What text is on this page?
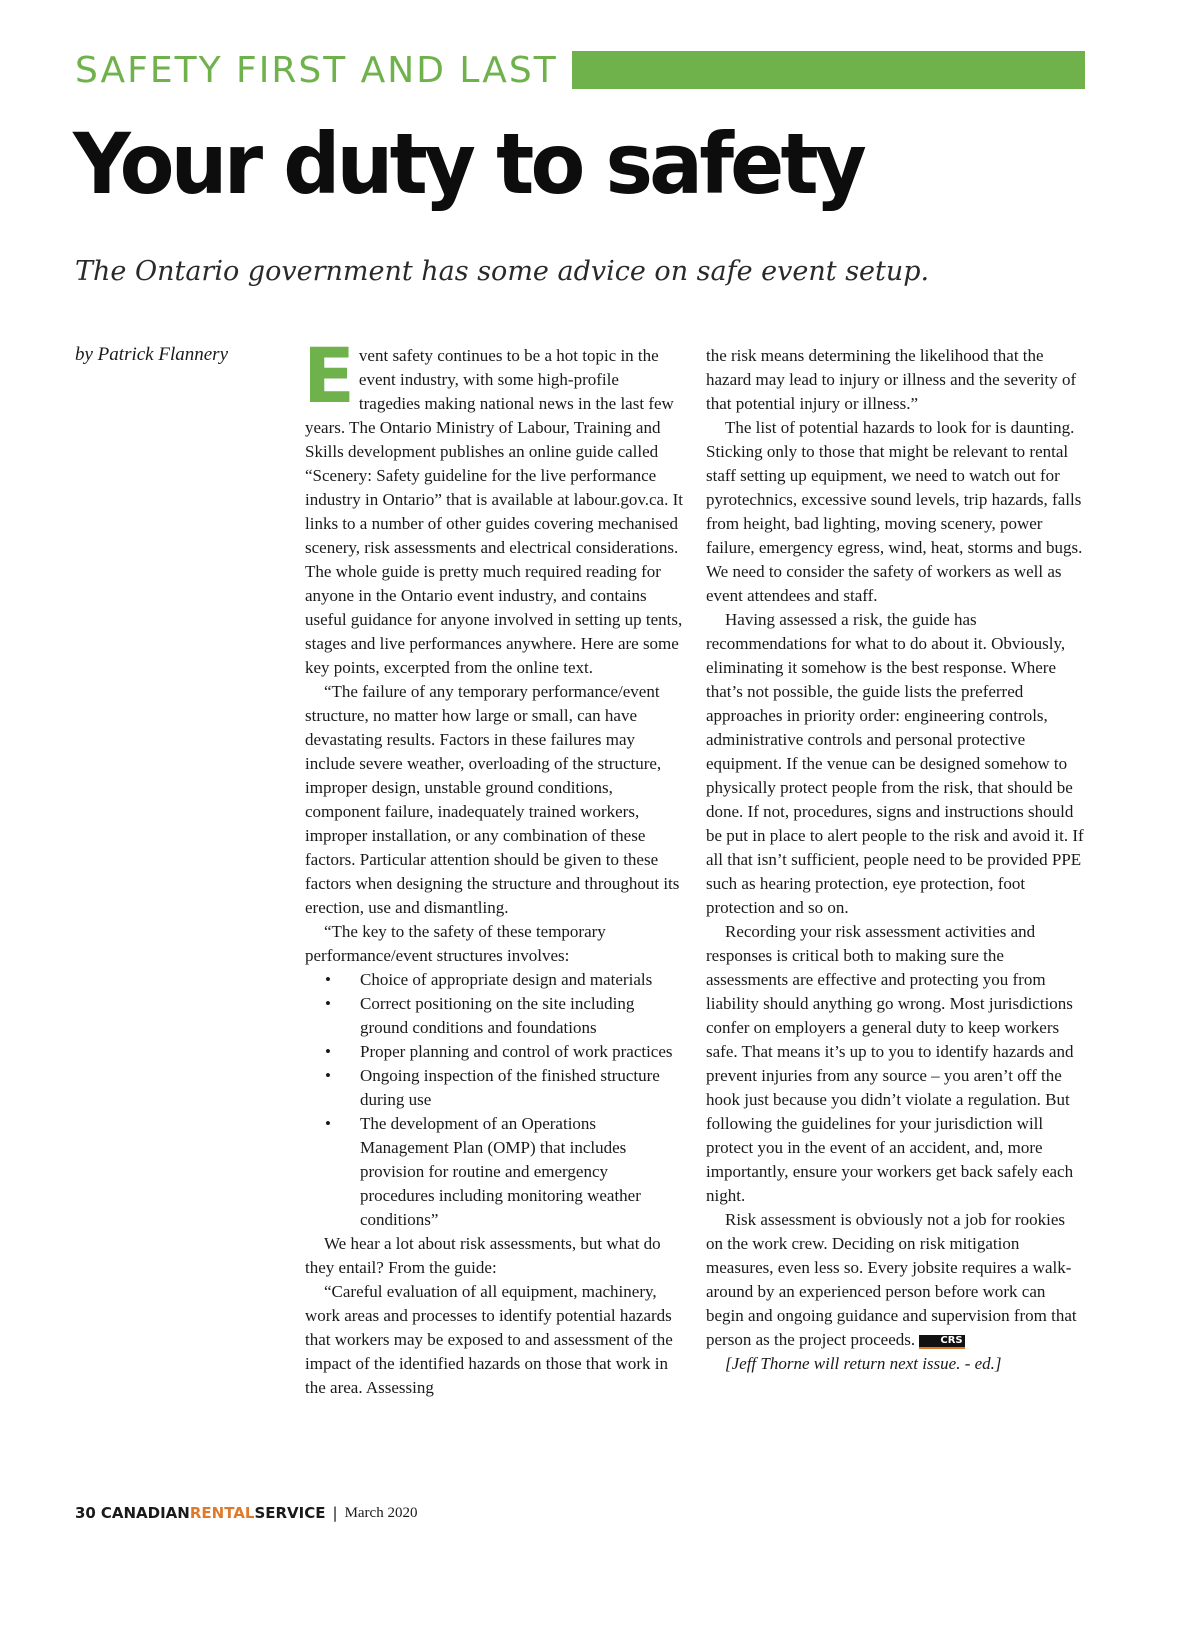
SAFETY FIRST AND LAST
Your duty to safety

The Ontario government has some advice on safe event setup.

by Patrick Flannery Event safety continues to be a hot topic in the event industry, with some high-profile tragedies making national news in the last few years. The Ontario Ministry of Labour, Training and Skills development publishes an online guide called “Scenery: Safety guideline for the live performance industry in Ontario” that is available at labour.gov.ca. It links to a number of other guides covering mechanised scenery, risk assessments and electrical considerations. The whole guide is pretty much required reading for anyone in the Ontario event industry, and contains useful guidance for anyone involved in setting up tents, stages and live performances anywhere. Here are some key points, excerpted from the online text.

“The failure of any temporary performance/event structure, no matter how large or small, can have devastating results. Factors in these failures may include severe weather, overloading of the structure, improper design, unstable ground conditions, component failure, inadequately trained workers, improper installation, or any combination of these factors. Particular attention should be given to these factors when designing the structure and throughout its erection, use and dismantling.

“The key to the safety of these temporary performance/event structures involves:

• Choice of appropriate design and materials
• Correct positioning on the site including ground conditions and foundations
• Proper planning and control of work practices
• Ongoing inspection of the finished structure during use
• The development of an Operations Management Plan (OMP) that includes provision for routine and emergency procedures including monitoring weather conditions”

We hear a lot about risk assessments, but what do they entail? From the guide:

“Careful evaluation of all equipment, machinery, work areas and processes to identify potential hazards that workers may be exposed to and assessment of the impact of the identified hazards on those that work in the area. Assessing

the risk means determining the likelihood that the hazard may lead to injury or illness and the severity of that potential injury or illness.”

The list of potential hazards to look for is daunting. Sticking only to those that might be relevant to rental staff setting up equipment, we need to watch out for pyrotechnics, excessive sound levels, trip hazards, falls from height, bad lighting, moving scenery, power failure, emergency egress, wind, heat, storms and bugs. We need to consider the safety of workers as well as event attendees and staff.

Having assessed a risk, the guide has recommendations for what to do about it. Obviously, eliminating it somehow is the best response. Where that’s not possible, the guide lists the preferred approaches in priority order: engineering controls, administrative controls and personal protective equipment. If the venue can be designed somehow to physically protect people from the risk, that should be done. If not, procedures, signs and instructions should be put in place to alert people to the risk and avoid it. If all that isn’t sufficient, people need to be provided PPE such as hearing protection, eye protection, foot protection and so on.

Recording your risk assessment activities and responses is critical both to making sure the assessments are effective and protecting you from liability should anything go wrong. Most jurisdictions confer on employers a general duty to keep workers safe. That means it’s up to you to identify hazards and prevent injuries from any source – you aren’t off the hook just because you didn’t violate a regulation. But following the guidelines for your jurisdiction will protect you in the event of an accident, and, more importantly, ensure your workers get back safely each night.

Risk assessment is obviously not a job for rookies on the work crew. Deciding on risk mitigation measures, even less so. Every jobsite requires a walk-around by an experienced person before work can begin and ongoing guidance and supervision from that person as the project proceeds.	CRS

[Jeff Thorne will return next issue. - ed.]

30 CANADIANRENTALSERVICE | March 2020
